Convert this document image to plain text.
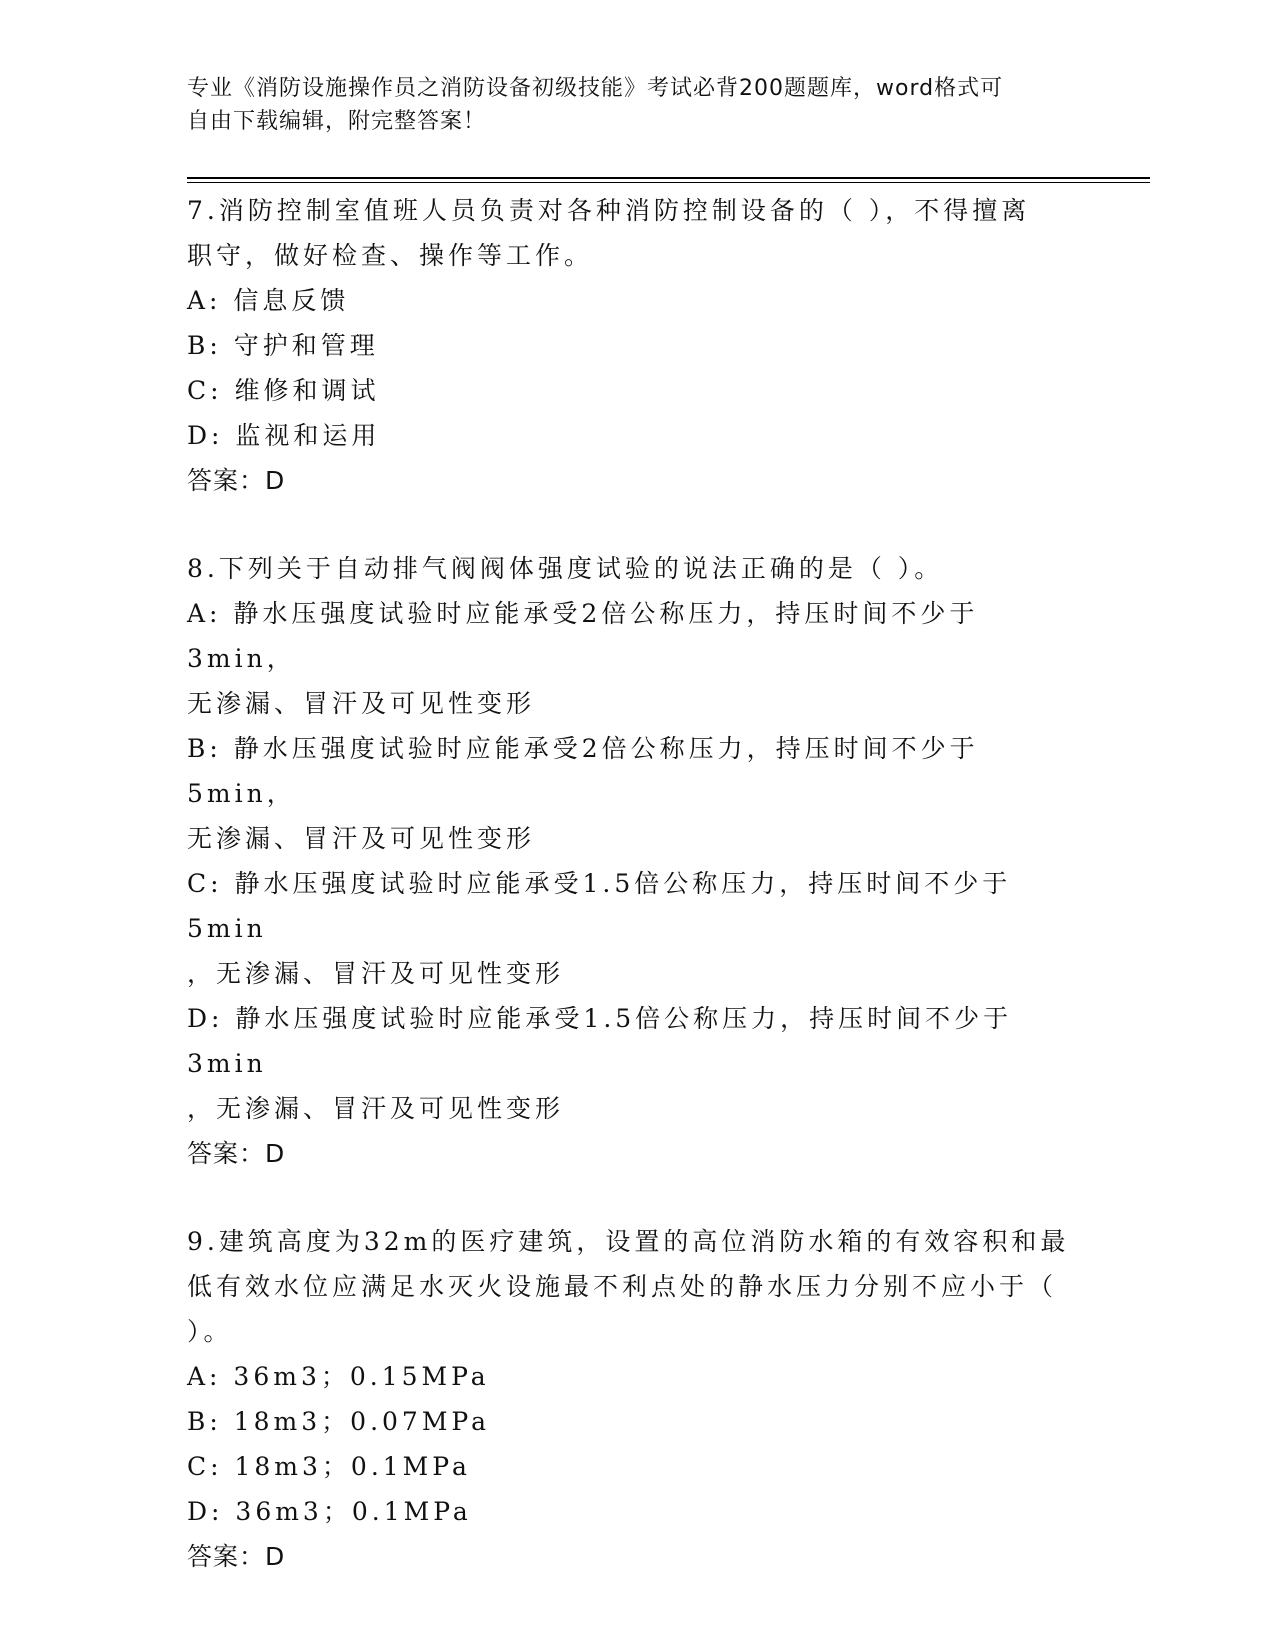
专业《消防设施操作员之消防设备初级技能》考试必背200题题库，word格式可
自由下载编辑，附完整答案！
7.消防控制室值班人员负责对各种消防控制设备的（ ），不得擅离
职守，做好检查、操作等工作。
A: 信息反馈
B: 守护和管理
C: 维修和调试
D: 监视和运用
答案：D
8.下列关于自动排气阀阀体强度试验的说法正确的是（ ）。
A: 静水压强度试验时应能承受2倍公称压力，持压时间不少于3min，
无渗漏、冒汗及可见性变形
B: 静水压强度试验时应能承受2倍公称压力，持压时间不少于5min，
无渗漏、冒汗及可见性变形
C: 静水压强度试验时应能承受1.5倍公称压力，持压时间不少于5min
，无渗漏、冒汗及可见性变形
D: 静水压强度试验时应能承受1.5倍公称压力，持压时间不少于3min
，无渗漏、冒汗及可见性变形
答案：D
9.建筑高度为32m的医疗建筑，设置的高位消防水箱的有效容积和最
低有效水位应满足水灭火设施最不利点处的静水压力分别不应小于（
）。
A: 36m3；0.15MPa
B: 18m3；0.07MPa
C: 18m3；0.1MPa
D: 36m3；0.1MPa
答案：D
